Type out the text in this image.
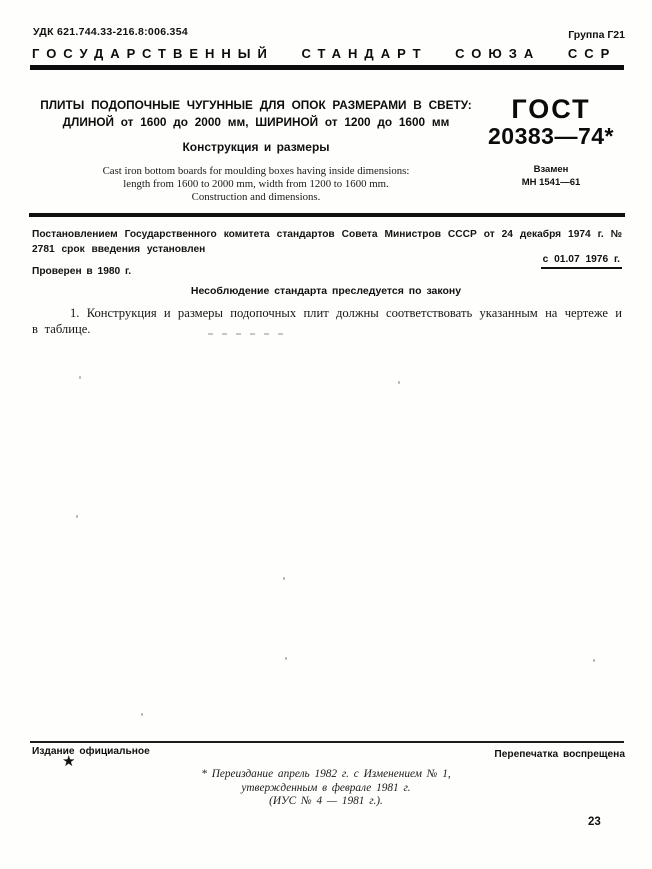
УДК 621.744.33-216.8:006.354	Группа Г21
ГОСУДАРСТВЕННЫЙ СТАНДАРТ СОЮЗА ССР
ПЛИТЫ ПОДОПОЧНЫЕ ЧУГУННЫЕ ДЛЯ ОПОК РАЗМЕРАМИ В СВЕТУ:
ДЛИНОЙ от 1600 до 2000 мм, ШИРИНОЙ от 1200 до 1600 мм
Конструкция и размеры
Cast iron bottom boards for moulding boxes having inside dimensions:
length from 1600 to 2000 mm, width from 1200 to 1600 mm.
Construction and dimensions.
ГОСТ
20383—74*
Взамен
МН 1541—61
Постановлением Государственного комитета стандартов Совета Министров СССР от 24 декабря 1974 г. № 2781 срок введения установлен
с 01.07 1976 г.
Проверен в 1980 г.
Несоблюдение стандарта преследуется по закону
1. Конструкция и размеры подопочных плит должны соответствовать указанным на чертеже и в таблице.
Издание официальное	Перепечатка воспрещена
★
* Переиздание апрель 1982 г. с Изменением № 1,
утвержденным в феврале 1981 г.
(ИУС № 4 — 1981 г.).
23
